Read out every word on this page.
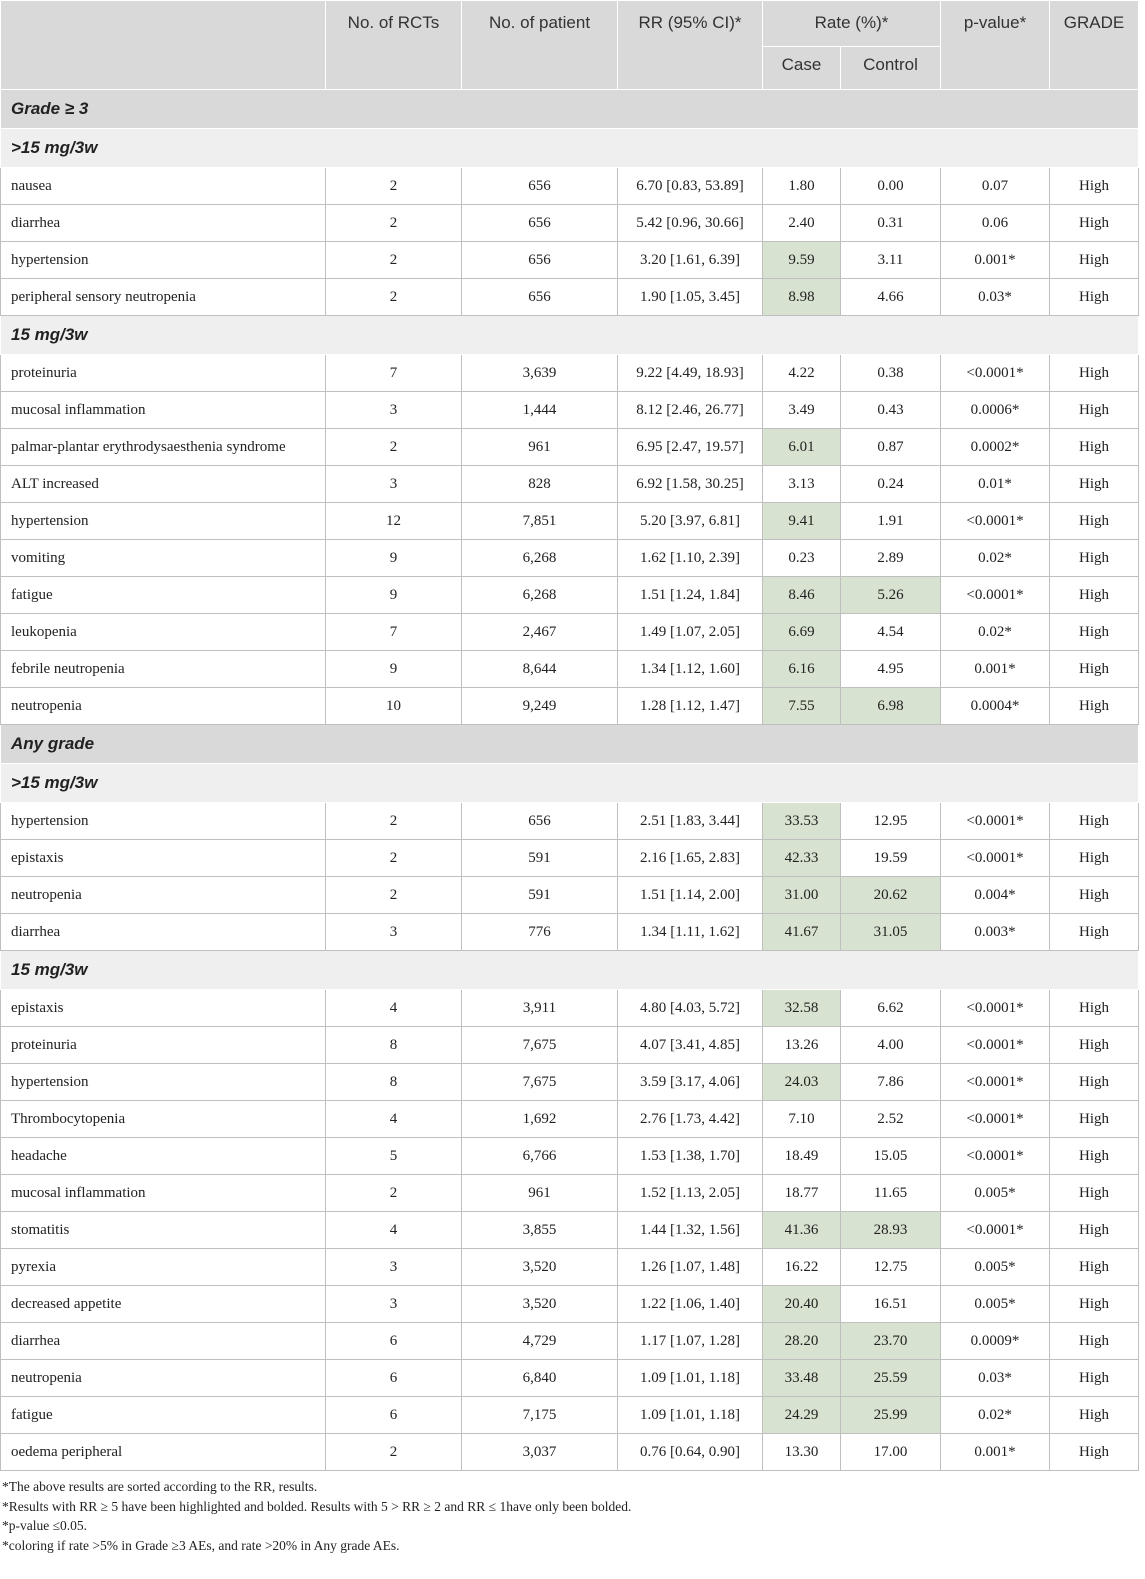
	No. of RCTs	No. of patient	RR (95% CI)*	Rate (%)*		p-value*	GRADE
				Case	Control		
Grade ≥ 3							
>15 mg/3w							
nausea	2	656	6.70 [0.83, 53.89]	1.80	0.00	0.07	High
diarrhea	2	656	5.42 [0.96, 30.66]	2.40	0.31	0.06	High
hypertension	2	656	3.20 [1.61, 6.39]	9.59	3.11	0.001*	High
peripheral sensory neutropenia	2	656	1.90 [1.05, 3.45]	8.98	4.66	0.03*	High
15 mg/3w							
proteinuria	7	3,639	9.22 [4.49, 18.93]	4.22	0.38	<0.0001*	High
mucosal inflammation	3	1,444	8.12 [2.46, 26.77]	3.49	0.43	0.0006*	High
palmar-plantar erythrodysaesthenia syndrome	2	961	6.95 [2.47, 19.57]	6.01	0.87	0.0002*	High
ALT increased	3	828	6.92 [1.58, 30.25]	3.13	0.24	0.01*	High
hypertension	12	7,851	5.20 [3.97, 6.81]	9.41	1.91	<0.0001*	High
vomiting	9	6,268	1.62 [1.10, 2.39]	0.23	2.89	0.02*	High
fatigue	9	6,268	1.51 [1.24, 1.84]	8.46	5.26	<0.0001*	High
leukopenia	7	2,467	1.49 [1.07, 2.05]	6.69	4.54	0.02*	High
febrile neutropenia	9	8,644	1.34 [1.12, 1.60]	6.16	4.95	0.001*	High
neutropenia	10	9,249	1.28 [1.12, 1.47]	7.55	6.98	0.0004*	High
Any grade							
>15 mg/3w							
hypertension	2	656	2.51 [1.83, 3.44]	33.53	12.95	<0.0001*	High
epistaxis	2	591	2.16 [1.65, 2.83]	42.33	19.59	<0.0001*	High
neutropenia	2	591	1.51 [1.14, 2.00]	31.00	20.62	0.004*	High
diarrhea	3	776	1.34 [1.11, 1.62]	41.67	31.05	0.003*	High
15 mg/3w							
epistaxis	4	3,911	4.80 [4.03, 5.72]	32.58	6.62	<0.0001*	High
proteinuria	8	7,675	4.07 [3.41, 4.85]	13.26	4.00	<0.0001*	High
hypertension	8	7,675	3.59 [3.17, 4.06]	24.03	7.86	<0.0001*	High
Thrombocytopenia	4	1,692	2.76 [1.73, 4.42]	7.10	2.52	<0.0001*	High
headache	5	6,766	1.53 [1.38, 1.70]	18.49	15.05	<0.0001*	High
mucosal inflammation	2	961	1.52 [1.13, 2.05]	18.77	11.65	0.005*	High
stomatitis	4	3,855	1.44 [1.32, 1.56]	41.36	28.93	<0.0001*	High
pyrexia	3	3,520	1.26 [1.07, 1.48]	16.22	12.75	0.005*	High
decreased appetite	3	3,520	1.22 [1.06, 1.40]	20.40	16.51	0.005*	High
diarrhea	6	4,729	1.17 [1.07, 1.28]	28.20	23.70	0.0009*	High
neutropenia	6	6,840	1.09 [1.01, 1.18]	33.48	25.59	0.03*	High
fatigue	6	7,175	1.09 [1.01, 1.18]	24.29	25.99	0.02*	High
oedema peripheral	2	3,037	0.76 [0.64, 0.90]	13.30	17.00	0.001*	High
*The above results are sorted according to the RR, results.
*Results with RR ≥ 5 have been highlighted and bolded. Results with 5 > RR ≥ 2 and RR ≤ 1have only been bolded.
*p-value ≤0.05.
*coloring if rate >5% in Grade ≥3 AEs, and rate >20% in Any grade AEs.
